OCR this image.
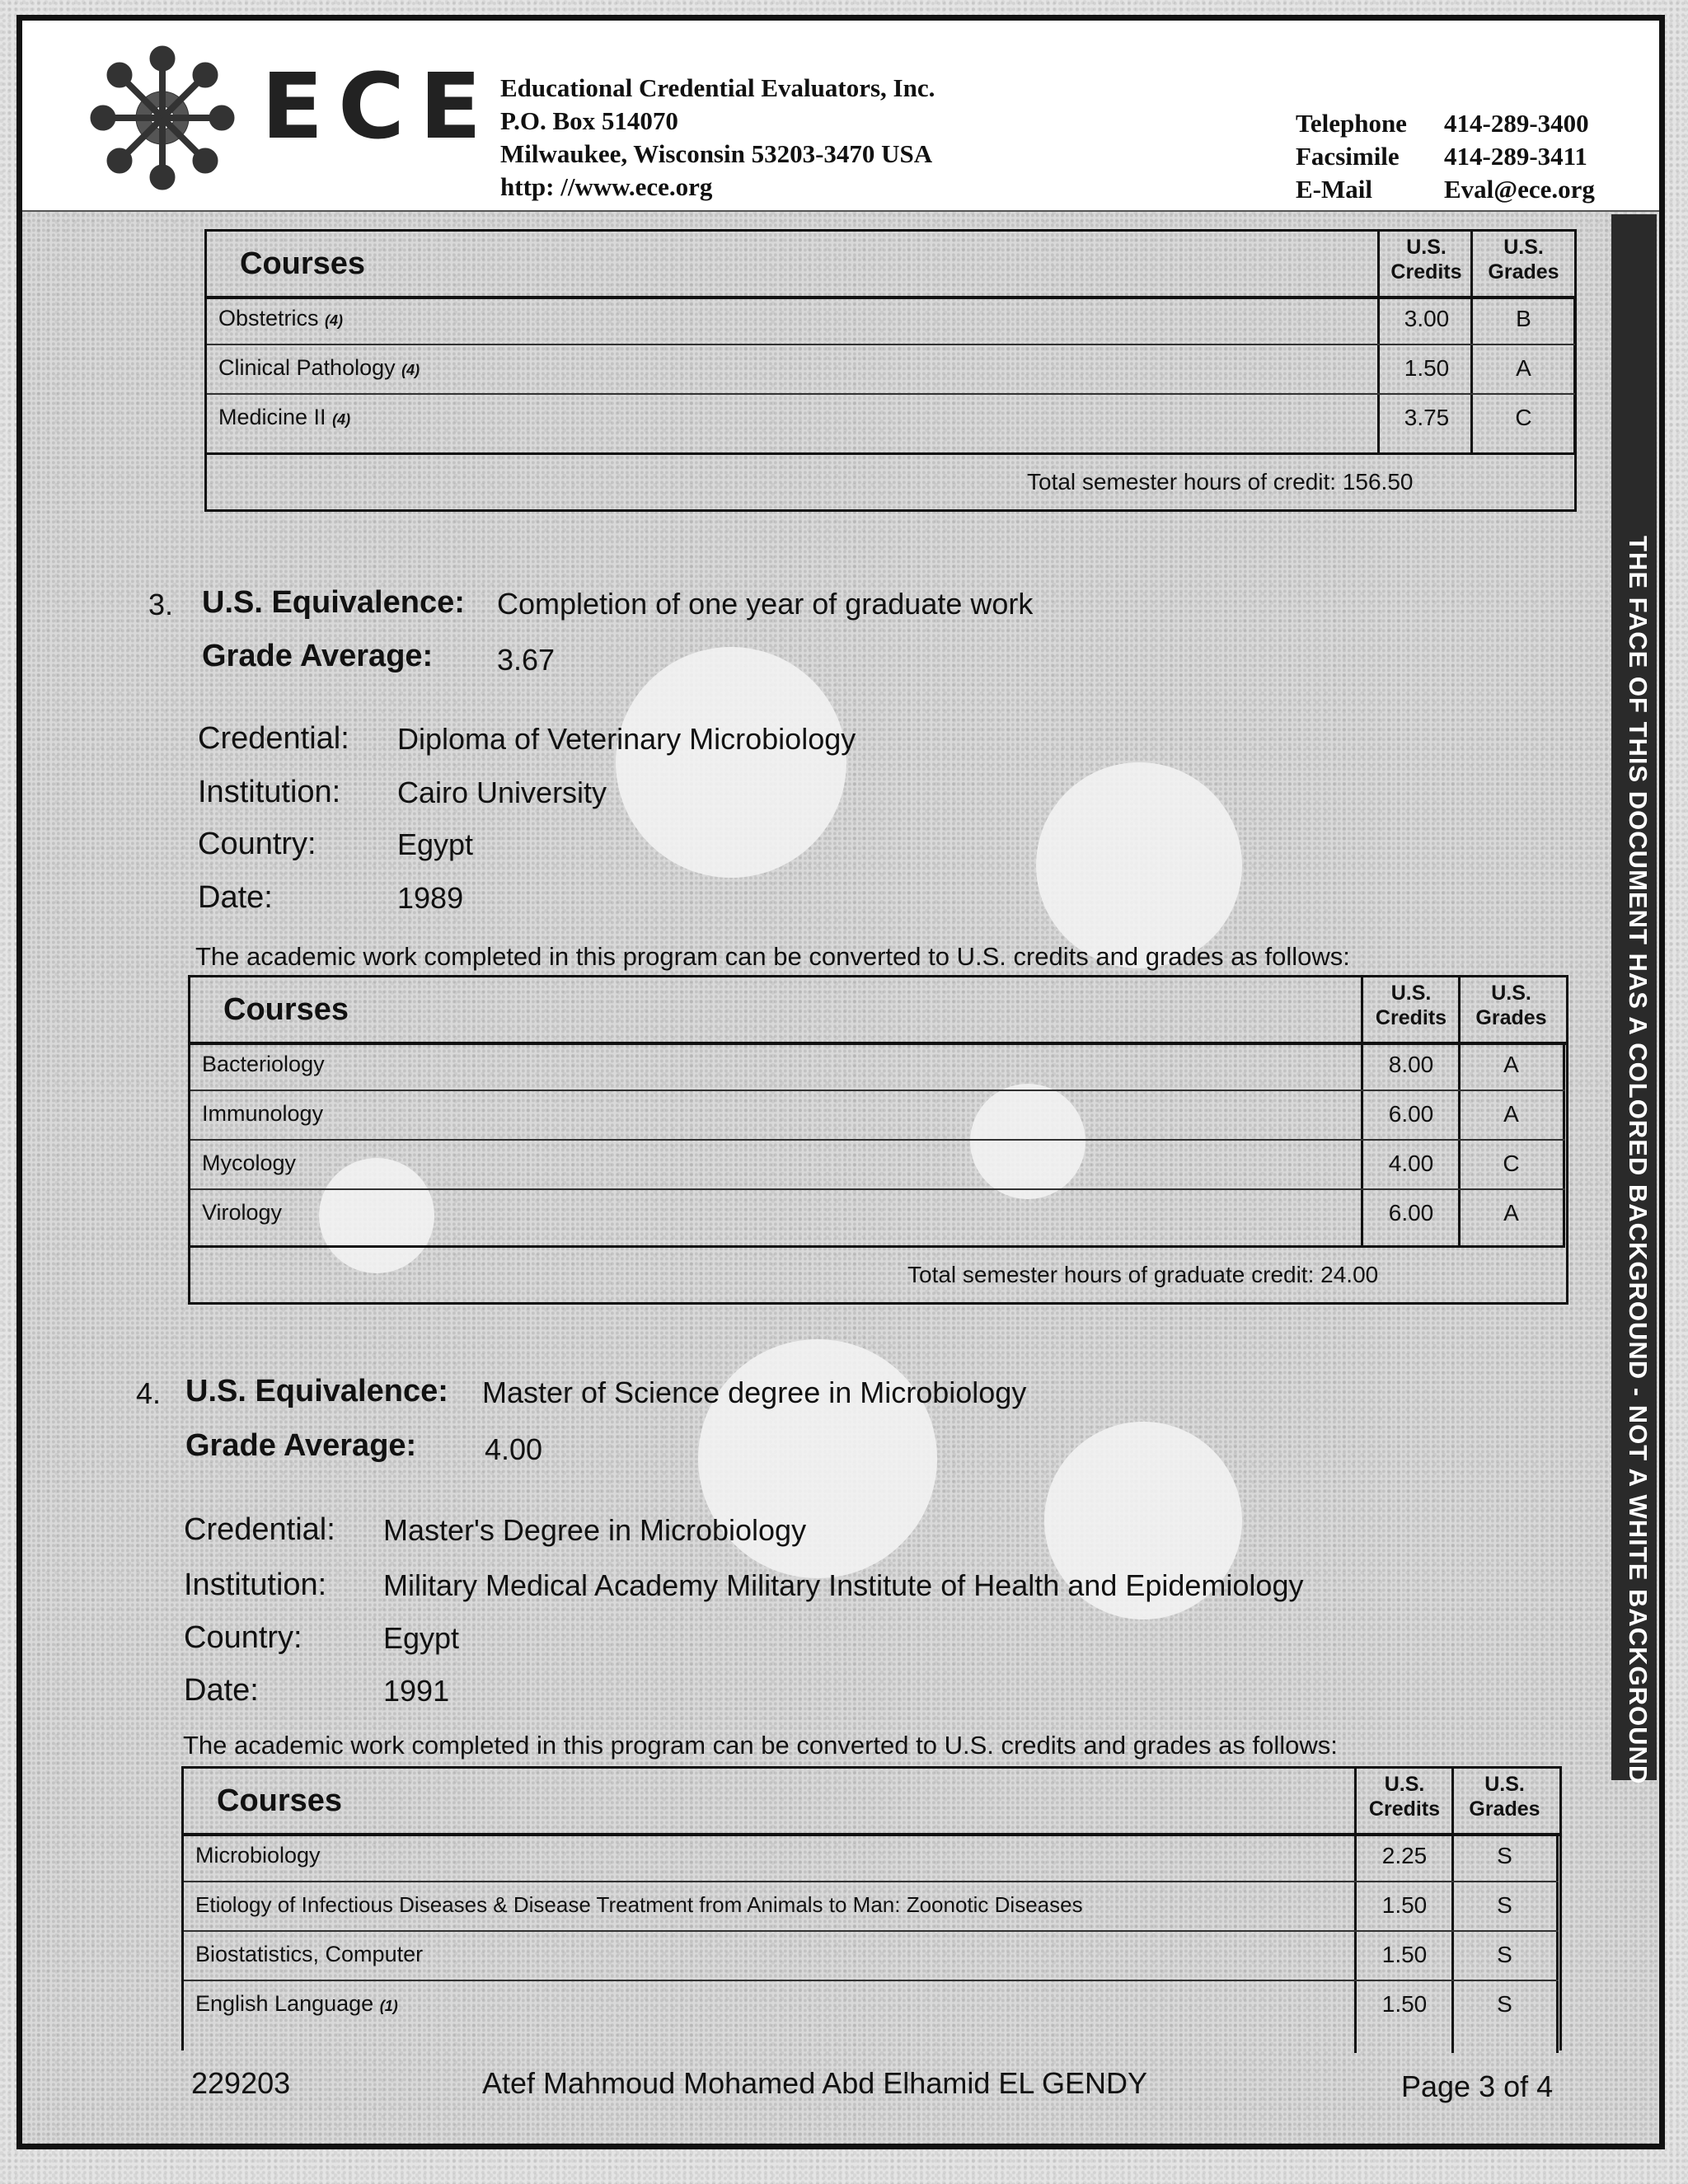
THE FACE OF THIS DOCUMENT HAS A COLORED BACKGROUND - NOT A WHITE BACKGROUND
ECE Educational Credential Evaluators, Inc.
P.O. Box 514070
Milwaukee, Wisconsin 53203-3470 USA
http: //www.ece.org
Telephone 414-289-3400
Facsimile 414-289-3411
E-Mail	Eval@ece.org
Courses	U.S.
Credits
U.S.
Grades
Obstetrics (4)	3.00	B
Clinical Pathology (4)	1.50	A
Medicine II (4)	3.75	C
Total semester hours of credit: 156.50
3. U.S. Equivalence: Completion of one year of graduate work
Grade Average: 3.67
Credential: Diploma of Veterinary Microbiology
Institution: Cairo University
Country:	Egypt
Date:	1989
The academic work completed in this program can be converted to U.S. credits and grades as follows:
Courses	U.S.
Credits
U.S.
Grades
Bacteriology	8.00	A
Immunology	6.00	A
Mycology	4.00	C
Virology	6.00	A
Total semester hours of graduate credit: 24.00
4. U.S. Equivalence: Master of Science degree in Microbiology
Grade Average: 4.00
Credential: Master's Degree in Microbiology
Institution: Military Medical Academy Military Institute of Health and Epidemiology
Country:	Egypt
Date:	1991
The academic work completed in this program can be converted to U.S. credits and grades as follows:
Courses	U.S.
Credits
U.S.
Grades
Microbiology	2.25	S
Etiology of Infectious Diseases & Disease Treatment from Animals to Man: Zoonotic Diseases	1.50	S
Biostatistics, Computer	1.50	S
English Language (1)	1.50	S
229203	Atef Mahmoud Mohamed Abd Elhamid EL GENDY	Page 3 of 4
